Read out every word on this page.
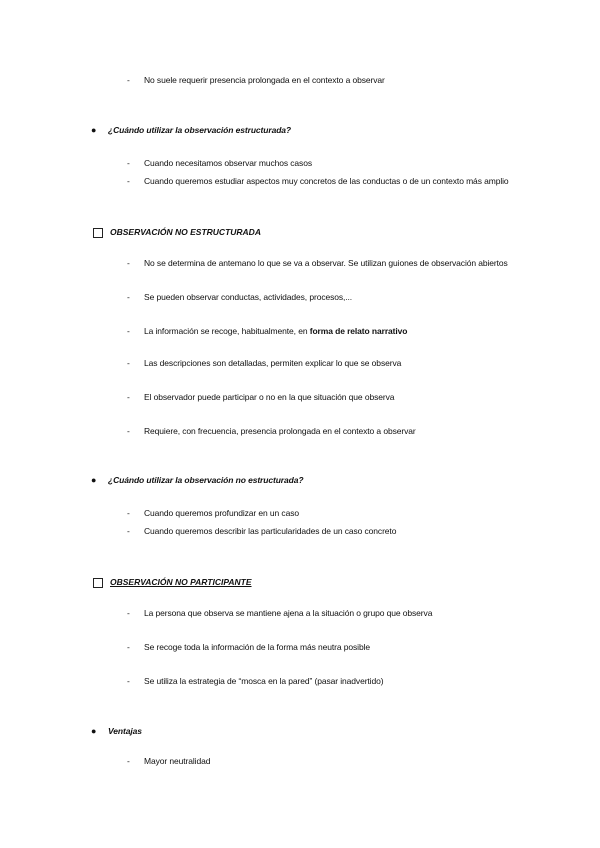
- No suele requerir presencia prolongada en el contexto a observar
● ¿Cuándo utilizar la observación estructurada?
- Cuando necesitamos observar muchos casos
- Cuando queremos estudiar aspectos muy concretos de las conductas o de un contexto más amplio
OBSERVACIÓN NO ESTRUCTURADA
- No se determina de antemano lo que se va a observar. Se utilizan guiones de observación abiertos
- Se pueden observar conductas, actividades, procesos,...
- La información se recoge, habitualmente, en forma de relato narrativo
- Las descripciones son detalladas, permiten explicar lo que se observa
- El observador puede participar o no en la que situación que observa
- Requiere, con frecuencia, presencia prolongada en el contexto a observar
● ¿Cuándo utilizar la observación no estructurada?
- Cuando queremos profundizar en un caso
- Cuando queremos describir las particularidades de un caso concreto
OBSERVACIÓN NO PARTICIPANTE
- La persona que observa se mantiene ajena a la situación o grupo que observa
- Se recoge toda la información de la forma más neutra posible
- Se utiliza la estrategia de “mosca en la pared” (pasar inadvertido)
● Ventajas
- Mayor neutralidad
